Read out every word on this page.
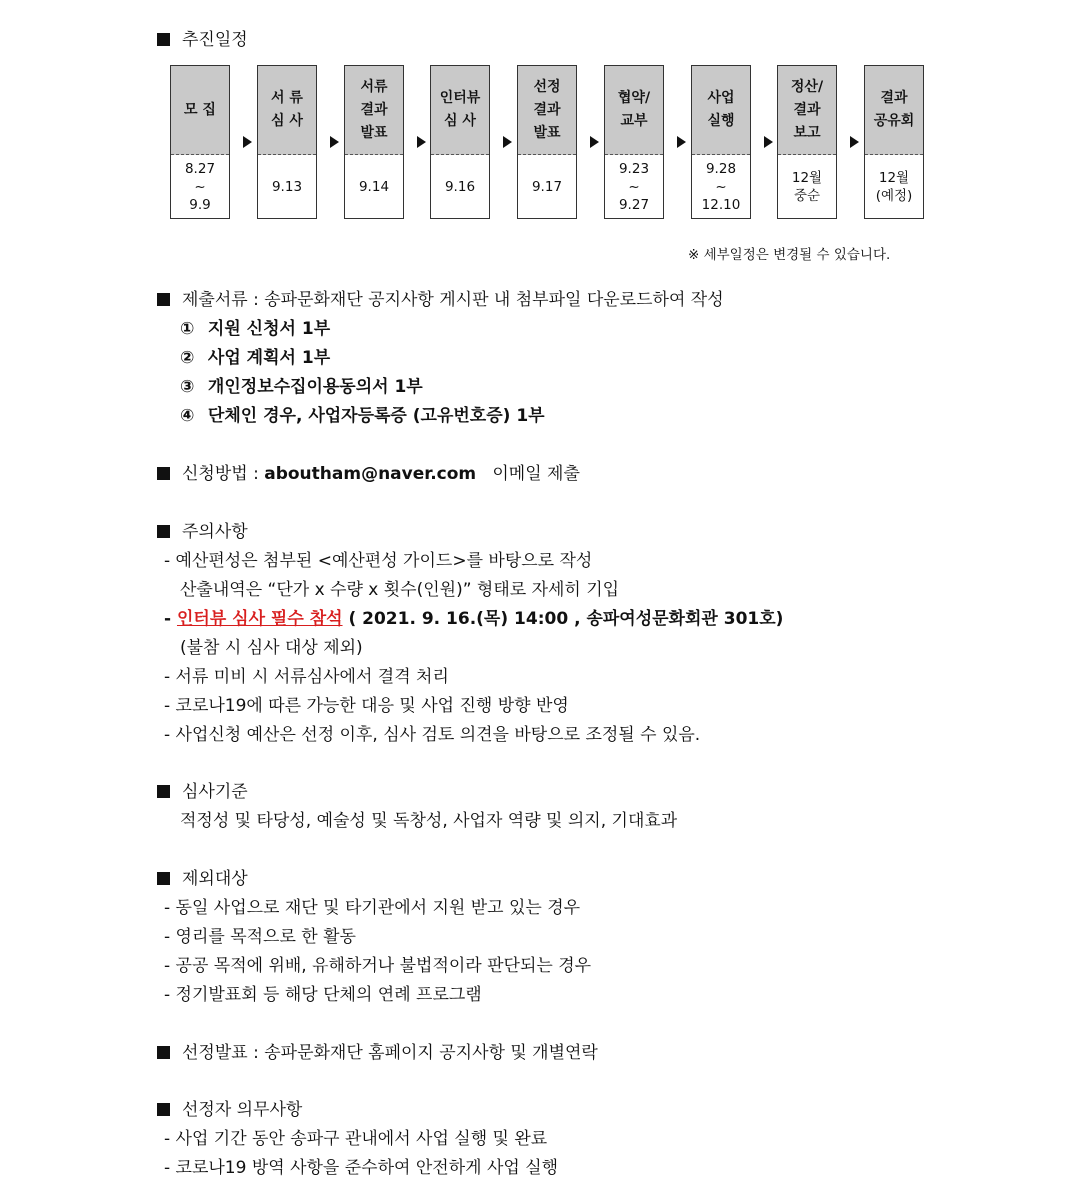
추진일정
모 집
8.27
~
9.9
서 류
심 사
9.13
서류
결과
발표
9.14
인터뷰
심 사
9.16
선정
결과
발표
9.17
협약/
교부
9.23
~
9.27
사업
실행
9.28
~
12.10
정산/
결과
보고
12월
중순
결과
공유회
12월
(예정)
※ 세부일정은 변경될 수 있습니다.
제출서류 : 송파문화재단 공지사항 게시판 내 첨부파일 다운로드하여 작성
① 지원 신청서 1부
② 사업 계획서 1부
③ 개인정보수집이용동의서 1부
④ 단체인 경우, 사업자등록증 (고유번호증) 1부
신청방법 : aboutham@naver.com 이메일 제출
주의사항
- 예산편성은 첨부된 <예산편성 가이드>를 바탕으로 작성
산출내역은 “단가 x 수량 x 횟수(인원)” 형태로 자세히 기입
- 인터뷰 심사 필수 참석 ( 2021. 9. 16.(목) 14:00 , 송파여성문화회관 301호)
(불참 시 심사 대상 제외)
- 서류 미비 시 서류심사에서 결격 처리
- 코로나19에 따른 가능한 대응 및 사업 진행 방향 반영
- 사업신청 예산은 선정 이후, 심사 검토 의견을 바탕으로 조정될 수 있음.
심사기준
적정성 및 타당성, 예술성 및 독창성, 사업자 역량 및 의지, 기대효과
제외대상
- 동일 사업으로 재단 및 타기관에서 지원 받고 있는 경우
- 영리를 목적으로 한 활동
- 공공 목적에 위배, 유해하거나 불법적이라 판단되는 경우
- 정기발표회 등 해당 단체의 연례 프로그램
선정발표 : 송파문화재단 홈페이지 공지사항 및 개별연락
선정자 의무사항
- 사업 기간 동안 송파구 관내에서 사업 실행 및 완료
- 코로나19 방역 사항을 준수하여 안전하게 사업 실행
